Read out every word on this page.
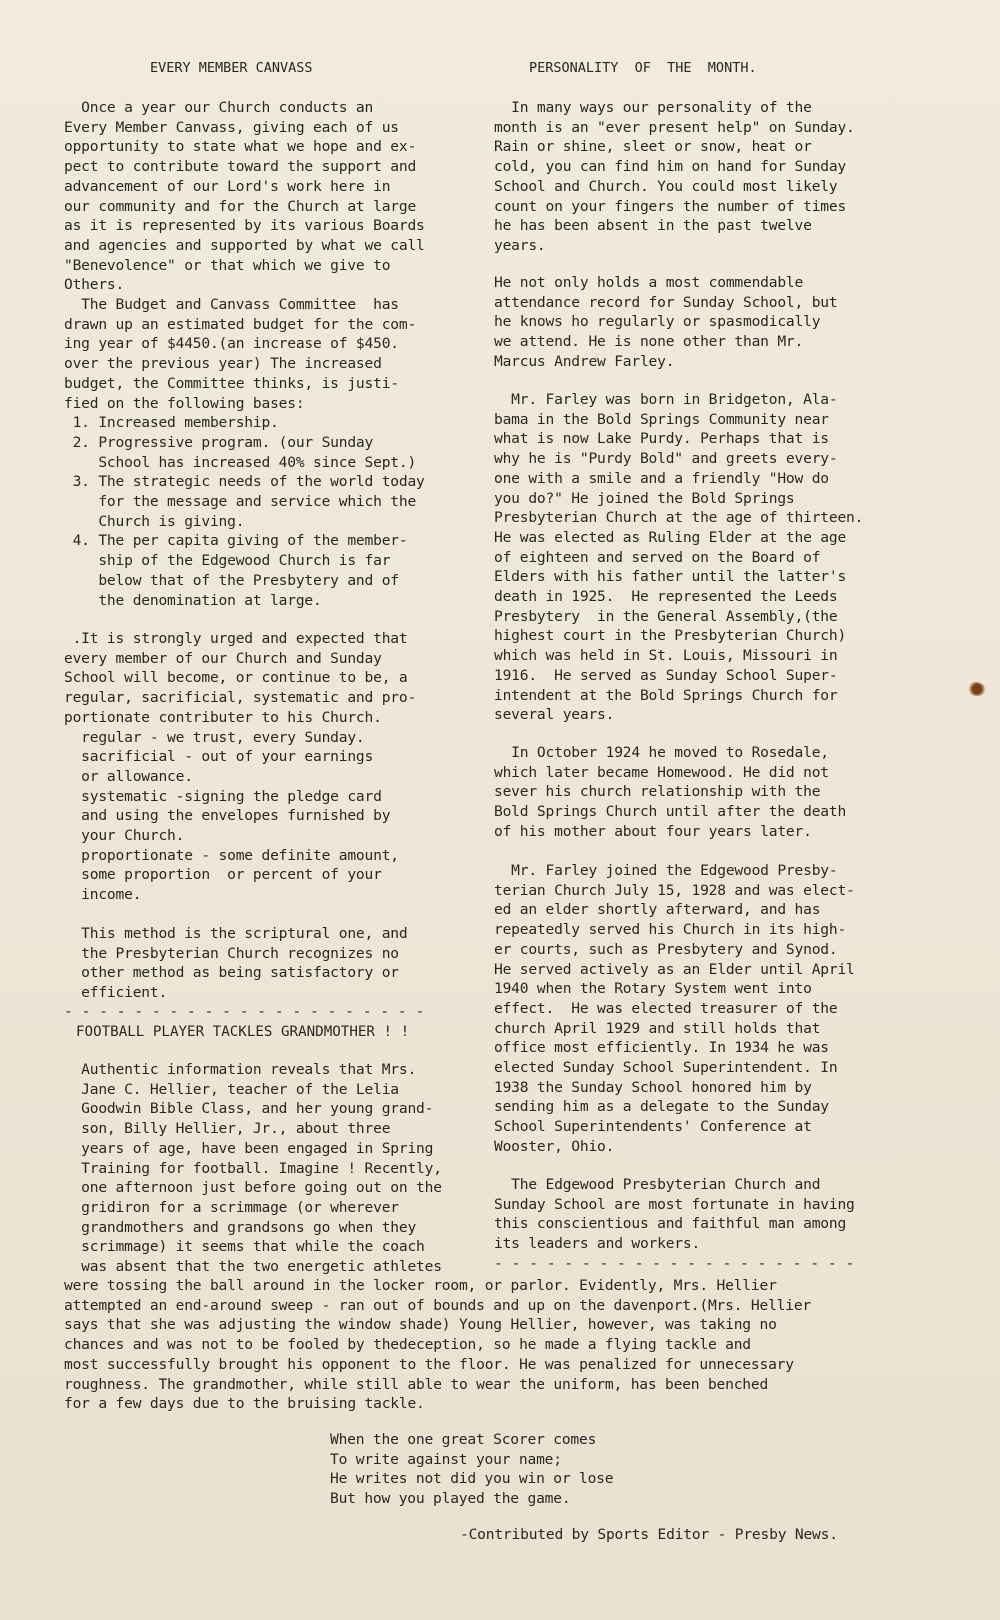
EVERY MEMBER CANVASS

Once a year our Church conducts an
Every Member Canvass, giving each of us
opportunity to state what we hope and ex-
pect to contribute toward the support and
advancement of our Lord's work here in
our community and for the Church at large
as it is represented by its various Boards
and agencies and supported by what we call
"Benevolence" or that which we give to
Others.

The Budget and Canvass Committee  has
drawn up an estimated budget for the com-
ing year of $4450.(an increase of $450.
over the previous year) The increased
budget, the Committee thinks, is justi-
fied on the following bases:
1. Increased membership.
2. Progressive program. (our Sunday
School has increased 40% since Sept.)
3. The strategic needs of the world today
for the message and service which the
Church is giving.
4. The per capita giving of the member-
ship of the Edgewood Church is far
below that of the Presbytery and of
the denomination at large.

.It is strongly urged and expected that
every member of our Church and Sunday
School will become, or continue to be, a
regular, sacrificial, systematic and pro-
portionate contributer to his Church.
regular - we trust, every Sunday.
sacrificial - out of your earnings
or allowance.
systematic -signing the pledge card
and using the envelopes furnished by
your Church.
proportionate - some definite amount,
some proportion  or percent of your
income.

This method is the scriptural one, and
the Presbyterian Church recognizes no
other method as being satisfactory or
efficient.

- - - - - - - - - - - - - - - - - - - - -

FOOTBALL PLAYER TACKLES GRANDMOTHER ! !

Authentic information reveals that Mrs.
Jane C. Hellier, teacher of the Lelia
Goodwin Bible Class, and her young grand-
son, Billy Hellier, Jr., about three
years of age, have been engaged in Spring
Training for football. Imagine ! Recently,
one afternoon just before going out on the
gridiron for a scrimmage (or wherever
grandmothers and grandsons go when they
scrimmage) it seems that while the coach
was absent that the two energetic athletes

PERSONALITY  OF  THE  MONTH.

In many ways our personality of the
month is an "ever present help" on Sunday.
Rain or shine, sleet or snow, heat or
cold, you can find him on hand for Sunday
School and Church. You could most likely
count on your fingers the number of times
he has been absent in the past twelve
years.

He not only holds a most commendable
attendance record for Sunday School, but
he knows ho regularly or spasmodically
we attend. He is none other than Mr.
Marcus Andrew Farley.

Mr. Farley was born in Bridgeton, Ala-
bama in the Bold Springs Community near
what is now Lake Purdy. Perhaps that is
why he is "Purdy Bold" and greets every-
one with a smile and a friendly "How do
you do?" He joined the Bold Springs
Presbyterian Church at the age of thirteen.
He was elected as Ruling Elder at the age
of eighteen and served on the Board of
Elders with his father until the latter's
death in 1925.  He represented the Leeds
Presbytery  in the General Assembly,(the
highest court in the Presbyterian Church)
which was held in St. Louis, Missouri in
1916.  He served as Sunday School Super-
intendent at the Bold Springs Church for
several years.

In October 1924 he moved to Rosedale,
which later became Homewood. He did not
sever his church relationship with the
Bold Springs Church until after the death
of his mother about four years later.

Mr. Farley joined the Edgewood Presby-
terian Church July 15, 1928 and was elect-
ed an elder shortly afterward, and has
repeatedly served his Church in its high-
er courts, such as Presbytery and Synod.
He served actively as an Elder until April
1940 when the Rotary System went into
effect.  He was elected treasurer of the
church April 1929 and still holds that
office most efficiently. In 1934 he was
elected Sunday School Superintendent. In
1938 the Sunday School honored him by
sending him as a delegate to the Sunday
School Superintendents' Conference at
Wooster, Ohio.

The Edgewood Presbyterian Church and
Sunday School are most fortunate in having
this conscientious and faithful man among
its leaders and workers.

- - - - - - - - - - - - - - - - - - - - -

were tossing the ball around in the locker room, or parlor. Evidently, Mrs. Hellier
attempted an end-around sweep - ran out of bounds and up on the davenport.(Mrs. Hellier
says that she was adjusting the window shade) Young Hellier, however, was taking no
chances and was not to be fooled by thedeception, so he made a flying tackle and
most successfully brought his opponent to the floor. He was penalized for unnecessary
roughness. The grandmother, while still able to wear the uniform, has been benched
for a few days due to the bruising tackle.

When the one great Scorer comes
To write against your name;
He writes not did you win or lose
But how you played the game.

-Contributed by Sports Editor - Presby News.
